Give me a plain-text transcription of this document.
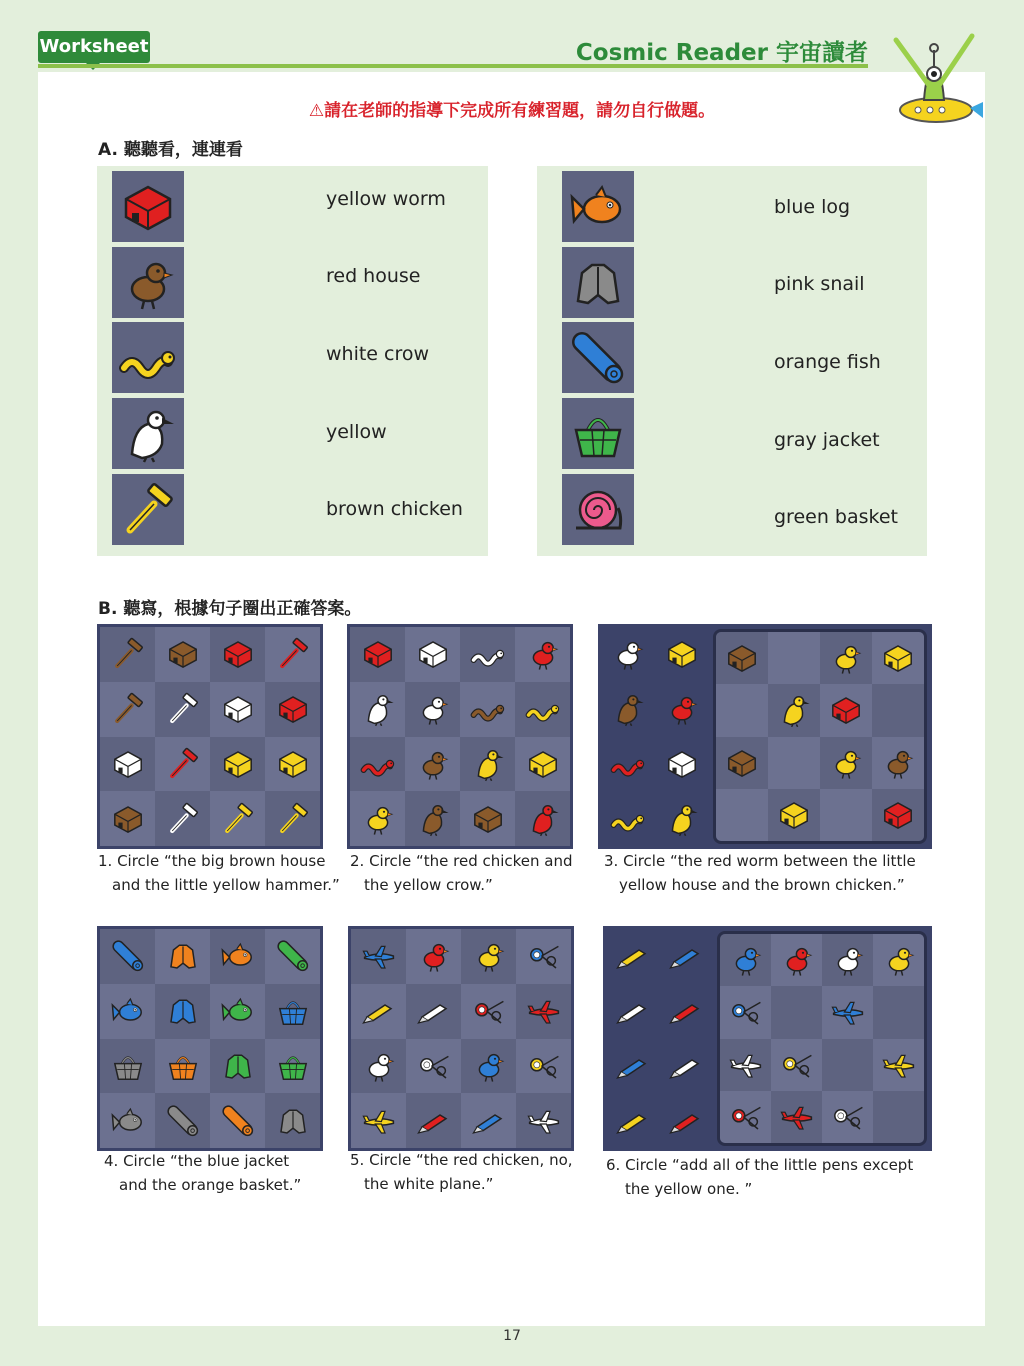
Worksheet	Cosmic Reader 宇宙讀者
⚠請在老師的指導下完成所有練習題，請勿自行做題。
A. 聽聽看，連連看
yellow worm
red house
white crow
yellow
brown chicken
blue log
pink snail
orange fish
gray jacket
green basket
B. 聽寫，根據句子圈出正確答案。
1. Circle “the big brown house
and the little yellow hammer.”
2. Circle “the red chicken and
the yellow crow.”
3. Circle “the red worm between the little
yellow house and the brown chicken.”
4. Circle “the blue jacket
and the orange basket.”
5. Circle “the red chicken, no,
the white plane.”
6. Circle “add all of the little pens except
the yellow one. ”
17
